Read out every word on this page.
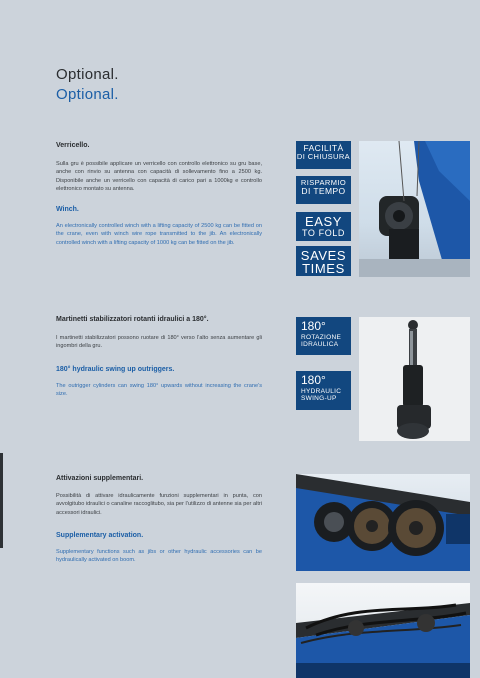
Optional.
Optional.

Verricello.

Sulla gru è possibile applicare un verricello con controllo elettronico su gru base, anche con rinvio su antenna con capacità di sollevamento fino a 2500 kg. Disponibile anche un verricello con capacità di carico pari a 1000kg e controllo elettronico montato su antenna.

Winch.

An electronically controlled winch with a lifting capacity of 2500 kg can be fitted on the crane, even with winch wire rope transmitted to the jib. An electronically controlled winch with a lifting capacity of 1000 kg can be fitted on the jib.

Martinetti stabilizzatori rotanti idraulici a 180°.

I martinetti stabilizzatori possono ruotare di 180° verso l’alto senza aumentare gli ingombri della gru.

180° hydraulic swing up outriggers.

The outrigger cylinders can swing 180° upwards without increasing the crane’s size.

Attivazioni supplementari.

Possibilità di attivare idraulicamente funzioni supplementari in punta, con avvolgitubo idraulici o canaline raccoglitubo, sia per l’utilizzo di antenne sia per altri accessori idraulici.

Supplementary activation.

Supplementary functions such as jibs or other hydraulic accessories can be hydraulically activated on boom.

FACILITÀ
DI CHIUSURA
RISPARMIO
DI TEMPO
EASY
TO FOLD
SAVES
TIMES
180°
ROTAZIONE
IDRAULICA
180°
HYDRAULIC
SWING-UP
